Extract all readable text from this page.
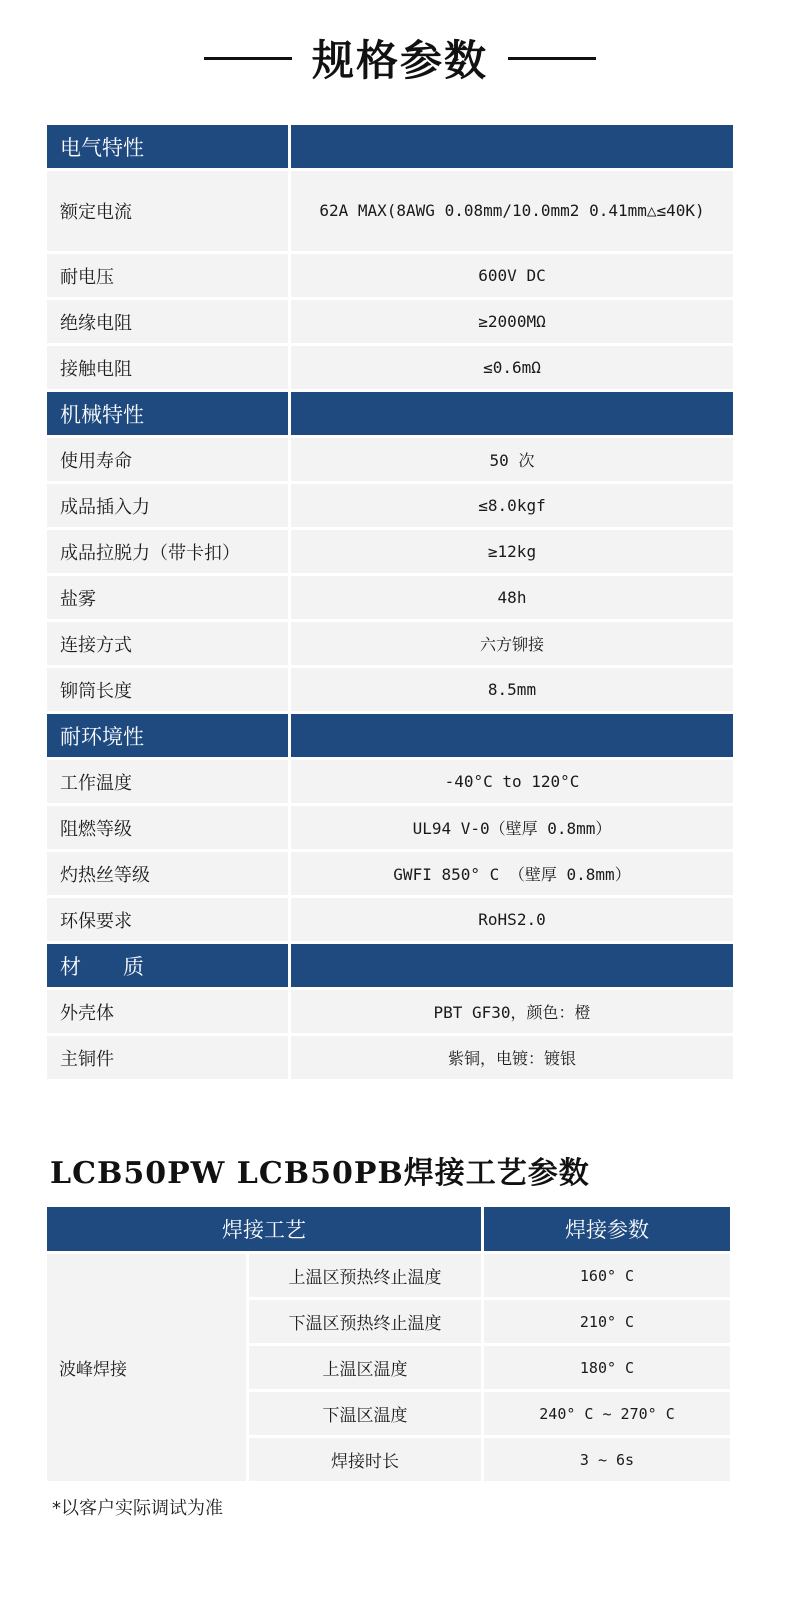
规格参数
电气特性	
额定电流	62A MAX(8AWG 0.08mm/10.0mm2 0.41mm△≤40K)
耐电压	600V DC
绝缘电阻	≥2000MΩ
接触电阻	≤0.6mΩ
机械特性	
使用寿命	50 次
成品插入力	≤8.0kgf
成品拉脱力（带卡扣）	≥12kg
盐雾	48h
连接方式	六方铆接
铆筒长度	8.5mm
耐环境性	
工作温度	-40°C to 120°C
阻燃等级	UL94 V-0（壁厚 0.8mm）
灼热丝等级	GWFI 850° C （壁厚 0.8mm）
环保要求	RoHS2.0
材　　质	
外壳体	PBT GF30，颜色：橙
主铜件	紫铜，电镀：镀银
LCB50PW LCB50PB焊接工艺参数
焊接工艺		焊接参数
波峰焊接	上温区预热终止温度	160° C
	下温区预热终止温度	210° C
	上温区温度	180° C
	下温区温度	240° C ~ 270° C
	焊接时长	3 ~ 6s
*以客户实际调试为准
